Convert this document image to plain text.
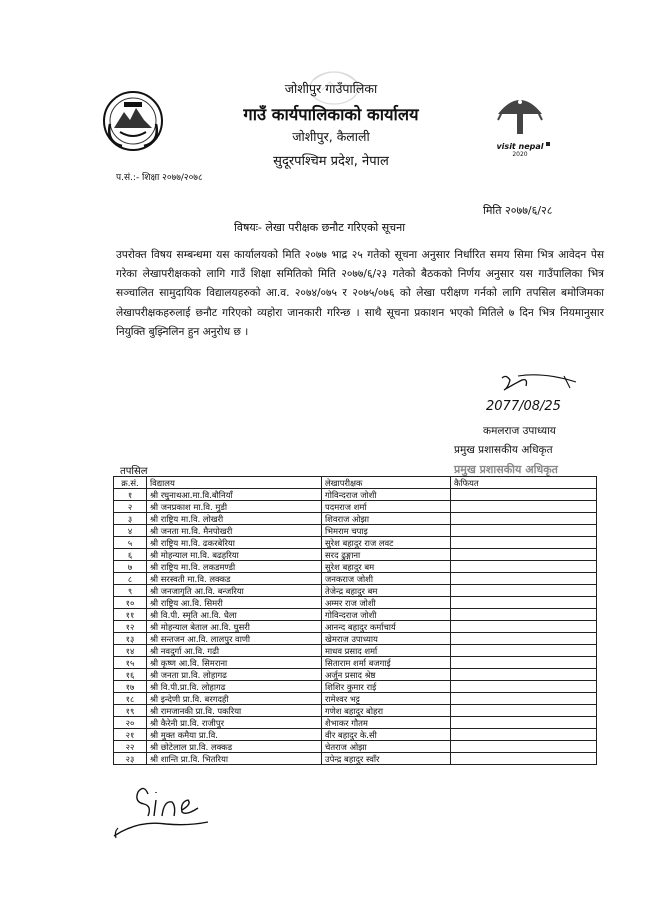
visit nepal
2020
जोशीपुर गाउँपालिका
गाउँ कार्यपालिकाको कार्यालय
जोशीपुर, कैलाली
सुदूरपश्चिम प्रदेश, नेपाल
प.सं.:- शिक्षा २०७७/२०७८
मिति २०७७/६/२८
विषयः- लेखा परीक्षक छनौट गरिएको सूचना
उपरोक्त विषय सम्बन्धमा यस कार्यालयको मिति २०७७ भाद्र २५ गतेको सूचना अनुसार निर्धारित समय सिमा भित्र आवेदन पेस गरेका लेखापरीक्षकको लागि गाउँ शिक्षा समितिको मिति २०७७/६/२३ गतेको बैठकको निर्णय अनुसार यस गाउँपालिका भित्र सञ्चालित सामुदायिक विद्यालयहरुको आ.व. २०७४/०७५ र २०७५/०७६ को लेखा परीक्षण गर्नको लागि तपसिल बमोजिमका लेखापरीक्षकहरुलाई छनौट गरिएको व्यहोरा जानकारी गरिन्छ । साथै सूचना प्रकाशन भएको मितिले ७ दिन भित्र नियमानुसार नियुक्ति बुझ्निलिन हुन अनुरोध छ ।
2077/08/25
कमलराज उपाध्याय
प्रमुख प्रशासकीय अधिकृत
प्रमुख प्रशासकीय अधिकृत
तपसिल
क्र.सं.	विद्यालय	लेखापरीक्षक	कैफियत
१	श्री रघुनाथआ.मा.वि.बौनियाँ	गोविन्दराज जोशी	
२	श्री जनप्रकाश मा.वि. मुडी	पदमराज शर्मा	
३	श्री राष्ट्रिय मा.वि. लोखरी	शिवराज ओझा	
४	श्री जनता मा.वि. मैनपोखरी	भिमराम चपाइ	
५	श्री राष्ट्रिय मा.वि. ढकरबेरिया	सुरेश बहादुर राज लवट	
६	श्री मोहन्याल मा.वि. बढहरिया	सरद ढुङ्गाना	
७	श्री राष्ट्रिय मा.वि. लकडमण्डी	सुरेश बहादुर बम	
८	श्री सरस्वती मा.वि. लक्कड	जनकराज जोशी	
९	श्री जनजागृति आ.वि. बन्जरिया	तेजेन्द्र बहादुर बम	
१०	श्री राष्ट्रिय आ.वि. सिमरी	अम्मर राज जोशी	
११	श्री वि.पी. स्मृति आ.वि. धैला	गोविन्दराज जोशी	
१२	श्री मोहन्याल बेताल आ.वि. घुसरी	आनन्द बहादुर कर्माचार्य	
१३	श्री सन्तजन आ.वि. लालपुर वाणी	खेमराज उपाध्याय	
१४	श्री नवदुर्गा आ.वि. गढी	माधव प्रसाद शर्मा	
१५	श्री कृष्ण आ.वि. सिमराना	सिताराम शर्मा बजगाई	
१६	श्री जनता प्रा.वि. लोहागढ	अर्जुन प्रसाद श्रेष्ठ	
१७	श्री वि.पी.प्रा.वि. लोहागढ	शिशिर कुमार राई	
१८	श्री इन्देणी प्रा.वि. बरगदही	रामेश्वर भट्ट	
१९	श्री रामजानकी प्रा.वि. पकरिया	गणेश बहादुर बोहरा	
२०	श्री कैरेनी प्रा.वि. राजीपुर	शैभाकर गौतम	
२१	श्री मुक्त कमैया प्रा.वि.	वीर बहादुर के.सी	
२२	श्री छोटेलाल प्रा.वि. लक्कड	चेतराज ओझा	
२३	श्री शान्ति प्रा.वि. भितरिया	उपेन्द्र बहादुर स्वाँर	
